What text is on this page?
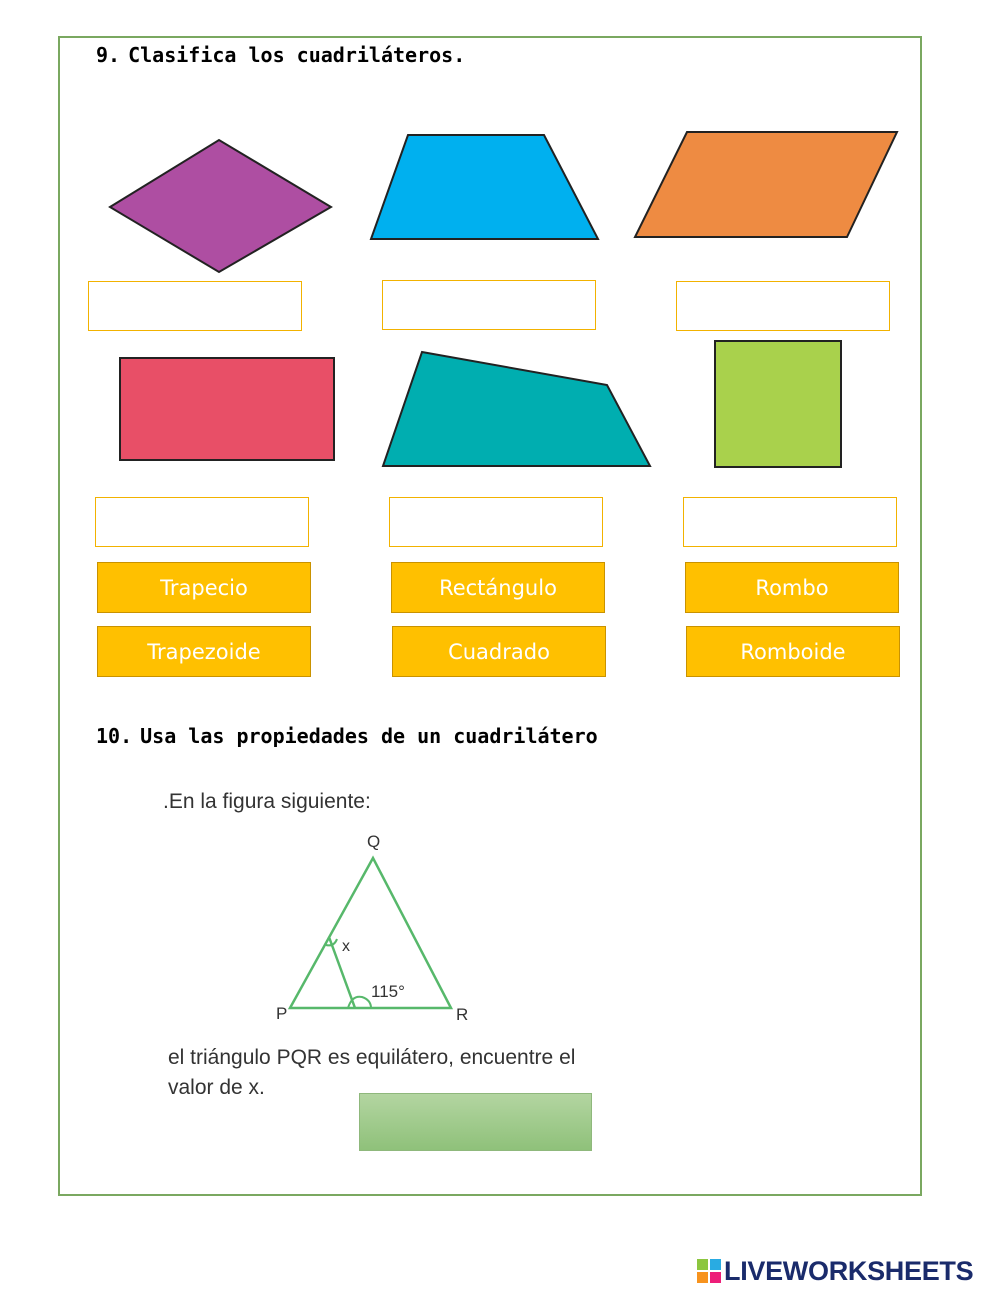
9. Clasifica los cuadriláteros.
Trapecio	Rectángulo	Rombo
Trapezoide	Cuadrado	Romboide
10. Usa las propiedades de un cuadrilátero
.En la figura siguiente:
Q
P	R
x
115°
el triángulo PQR es equilátero, encuentre el
valor de x.
LIVEWORKSHEETS
